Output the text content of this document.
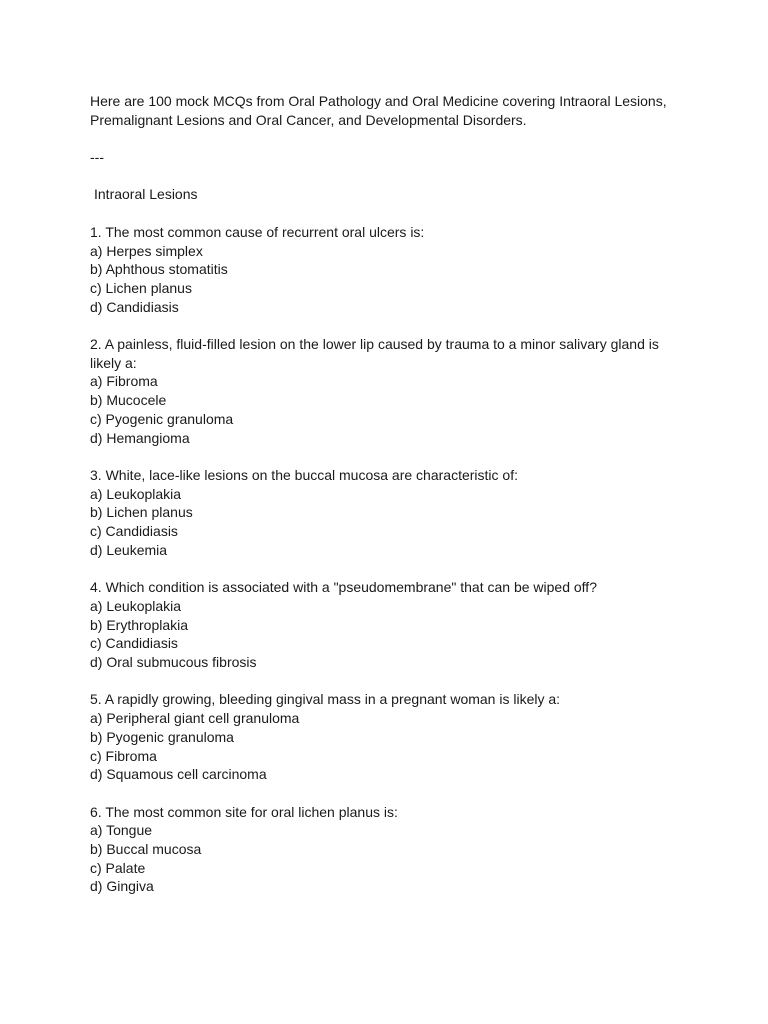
Here are 100 mock MCQs from Oral Pathology and Oral Medicine covering Intraoral Lesions,
Premalignant Lesions and Oral Cancer, and Developmental Disorders.
---
Intraoral Lesions
1. The most common cause of recurrent oral ulcers is:
a) Herpes simplex
b) Aphthous stomatitis
c) Lichen planus
d) Candidiasis
2. A painless, fluid-filled lesion on the lower lip caused by trauma to a minor salivary gland is
likely a:
a) Fibroma
b) Mucocele
c) Pyogenic granuloma
d) Hemangioma
3. White, lace-like lesions on the buccal mucosa are characteristic of:
a) Leukoplakia
b) Lichen planus
c) Candidiasis
d) Leukemia
4. Which condition is associated with a "pseudomembrane" that can be wiped off?
a) Leukoplakia
b) Erythroplakia
c) Candidiasis
d) Oral submucous fibrosis
5. A rapidly growing, bleeding gingival mass in a pregnant woman is likely a:
a) Peripheral giant cell granuloma
b) Pyogenic granuloma
c) Fibroma
d) Squamous cell carcinoma
6. The most common site for oral lichen planus is:
a) Tongue
b) Buccal mucosa
c) Palate
d) Gingiva
